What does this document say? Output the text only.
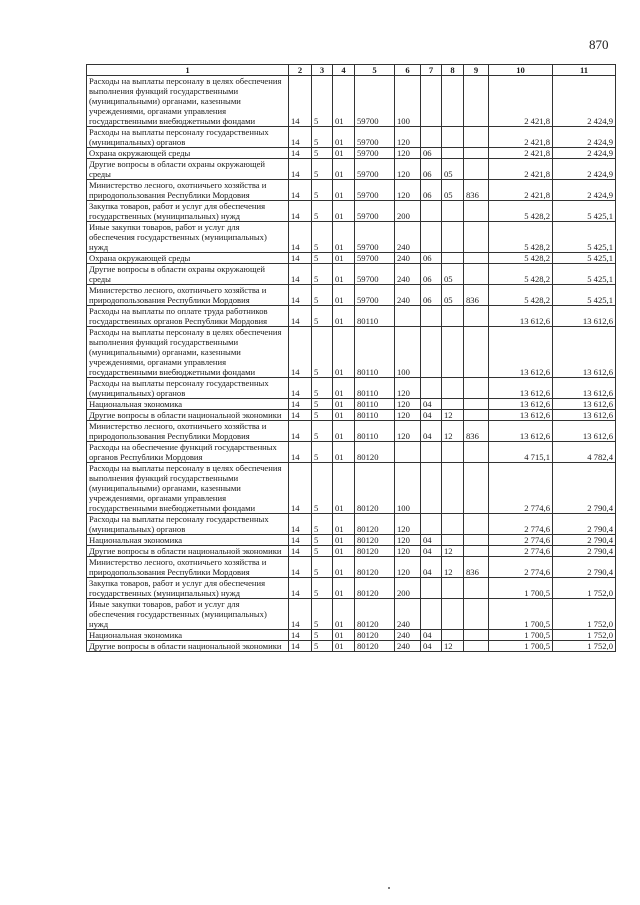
870
1	2	3	4	5	6	7	8	9	10	11
Расходы на выплаты персоналу в целях обеспечения выполнения функций государственными (муниципальными) органами, казенными учреждениями, органами управления государственными внебюджетными фондами	14	5	01	59700	100				2 421,8	2 424,9
Расходы на выплаты персоналу государственных (муниципальных) органов	14	5	01	59700	120				2 421,8	2 424,9
Охрана окружающей среды	14	5	01	59700	120	06			2 421,8	2 424,9
Другие вопросы в области охраны окружающей среды	14	5	01	59700	120	06	05		2 421,8	2 424,9
Министерство лесного, охотничьего хозяйства и природопользования Республики Мордовия	14	5	01	59700	120	06	05	836	2 421,8	2 424,9
Закупка товаров, работ и услуг для обеспечения государственных (муниципальных) нужд	14	5	01	59700	200				5 428,2	5 425,1
Иные закупки товаров, работ и услуг для обеспечения государственных (муниципальных) нужд	14	5	01	59700	240				5 428,2	5 425,1
Охрана окружающей среды	14	5	01	59700	240	06			5 428,2	5 425,1
Другие вопросы в области охраны окружающей среды	14	5	01	59700	240	06	05		5 428,2	5 425,1
Министерство лесного, охотничьего хозяйства и природопользования Республики Мордовия	14	5	01	59700	240	06	05	836	5 428,2	5 425,1
Расходы на выплаты по оплате труда работников государственных органов Республики Мордовия	14	5	01	80110					13 612,6	13 612,6
Расходы на выплаты персоналу в целях обеспечения выполнения функций государственными (муниципальными) органами, казенными учреждениями, органами управления государственными внебюджетными фондами	14	5	01	80110	100				13 612,6	13 612,6
Расходы на выплаты персоналу государственных (муниципальных) органов	14	5	01	80110	120				13 612,6	13 612,6
Национальная экономика	14	5	01	80110	120	04			13 612,6	13 612,6
Другие вопросы в области национальной экономики	14	5	01	80110	120	04	12		13 612,6	13 612,6
Министерство лесного, охотничьего хозяйства и природопользования Республики Мордовия	14	5	01	80110	120	04	12	836	13 612,6	13 612,6
Расходы на обеспечение функций государственных органов Республики Мордовия	14	5	01	80120					4 715,1	4 782,4
Расходы на выплаты персоналу в целях обеспечения выполнения функций государственными (муниципальными) органами, казенными учреждениями, органами управления государственными внебюджетными фондами	14	5	01	80120	100				2 774,6	2 790,4
Расходы на выплаты персоналу государственных (муниципальных) органов	14	5	01	80120	120				2 774,6	2 790,4
Национальная экономика	14	5	01	80120	120	04			2 774,6	2 790,4
Другие вопросы в области национальной экономики	14	5	01	80120	120	04	12		2 774,6	2 790,4
Министерство лесного, охотничьего хозяйства и природопользования Республики Мордовия	14	5	01	80120	120	04	12	836	2 774,6	2 790,4
Закупка товаров, работ и услуг для обеспечения государственных (муниципальных) нужд	14	5	01	80120	200				1 700,5	1 752,0
Иные закупки товаров, работ и услуг для обеспечения государственных (муниципальных) нужд	14	5	01	80120	240				1 700,5	1 752,0
Национальная экономика	14	5	01	80120	240	04			1 700,5	1 752,0
Другие вопросы в области национальной экономики	14	5	01	80120	240	04	12		1 700,5	1 752,0
